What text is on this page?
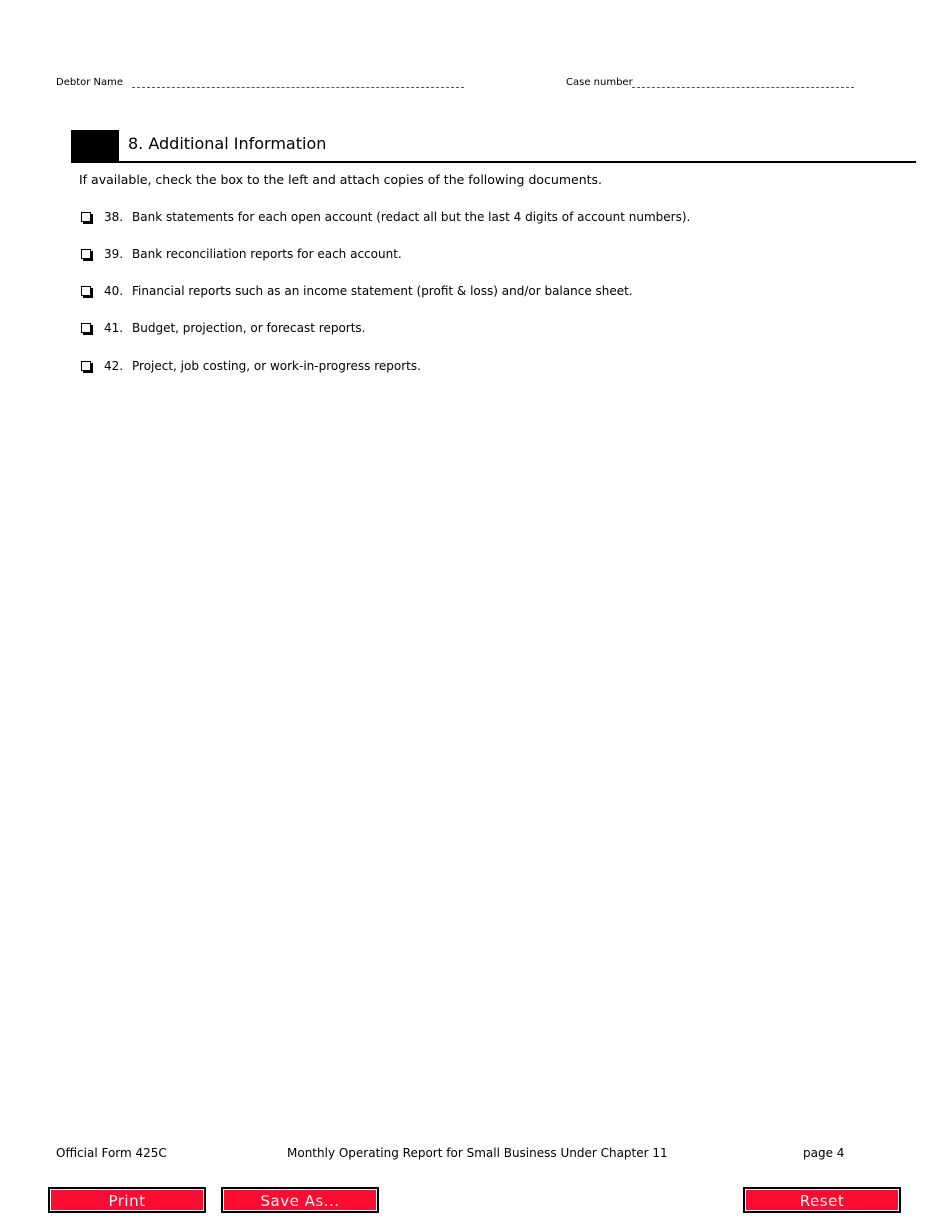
Debtor Name	Case number
8. Additional Information
If available, check the box to the left and attach copies of the following documents.
38. Bank statements for each open account (redact all but the last 4 digits of account numbers).
39. Bank reconciliation reports for each account.
40. Financial reports such as an income statement (profit & loss) and/or balance sheet.
41. Budget, projection, or forecast reports.
42. Project, job costing, or work-in-progress reports.
Official Form 425C	Monthly Operating Report for Small Business Under Chapter 11	page 4
Print	Save As...	Reset
